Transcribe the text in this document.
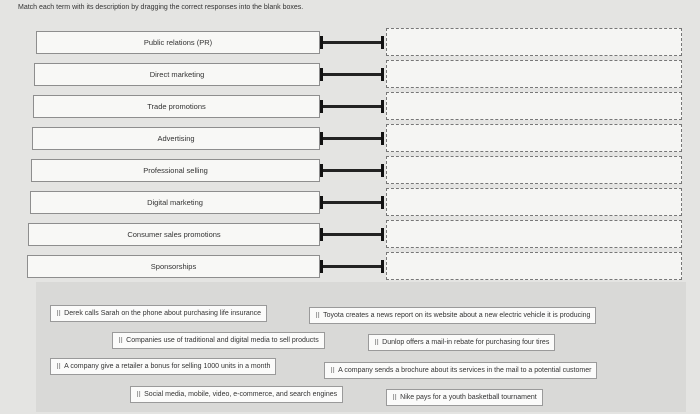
Match each term with its description by dragging the correct responses into the blank boxes.
Public relations (PR)
Direct marketing
Trade promotions
Advertising
Professional selling
Digital marketing
Consumer sales promotions
Sponsorships
⠿ Derek calls Sarah on the phone about purchasing life insurance	⠿ Toyota creates a news report on its website about a new electric vehicle it is producing
⠿ Companies use of traditional and digital media to sell products	⠿ Dunlop offers a mail-in rebate for purchasing four tires
⠿ A company give a retailer a bonus for selling 1000 units in a month
⠿ A company sends a brochure about its services in the mail to a potential customer
⠿ Social media, mobile, video, e-commerce, and search engines	⠿ Nike pays for a youth basketball tournament
